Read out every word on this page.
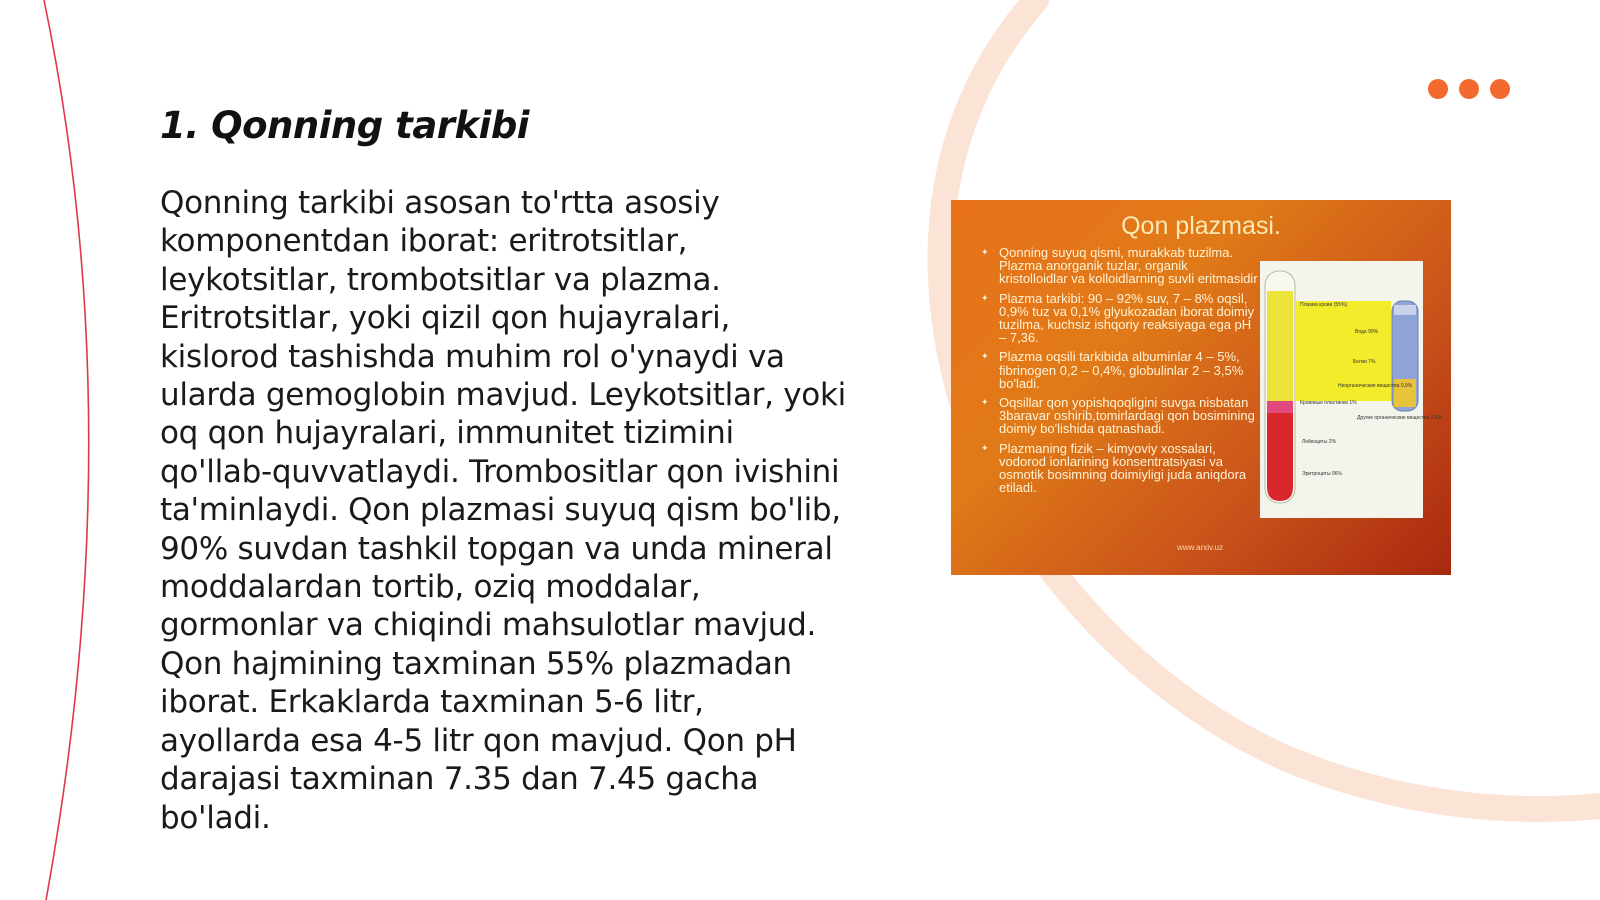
1. Qonning tarkibi
Qonning tarkibi asosan to'rtta asosiy komponentdan iborat: eritrotsitlar, leykotsitlar, trombotsitlar va plazma. Eritrotsitlar, yoki qizil qon hujayralari, kislorod tashishda muhim rol o'ynaydi va ularda gemoglobin mavjud. Leykotsitlar, yoki oq qon hujayralari, immunitet tizimini qo'llab-quvvatlaydi. Trombositlar qon ivishini ta'minlaydi. Qon plazmasi suyuq qism bo'lib, 90% suvdan tashkil topgan va unda mineral moddalardan tortib, oziq moddalar, gormonlar va chiqindi mahsulotlar mavjud. Qon hajmining taxminan 55% plazmadan iborat. Erkaklarda taxminan 5-6 litr, ayollarda esa 4-5 litr qon mavjud. Qon pH darajasi taxminan 7.35 dan 7.45 gacha bo'ladi.
Qon plazmasi.
✦ Qonning suyuq qismi, murakkab tuzilma. Plazma anorganik tuzlar, organik kristolloidlar va kolloidlarning suvli eritmasidir
✦ Plazma tarkibi: 90 – 92% suv, 7 – 8% oqsil, 0,9% tuz va 0,1% glyukozadan iborat doimiy tuzilma, kuchsiz ishqoriy reaksiyaga ega pH – 7,36.
✦ Plazma oqsili tarkibida albuminlar 4 – 5%, fibrinogen 0,2 – 0,4%, globulinlar 2 – 3,5% bo'ladi.
✦ Oqsillar qon yopishqoqligini suvga nisbatan 3baravar oshirib,tomirlardagi qon bosimining doimiy bo'lishida qatnashadi.
✦ Plazmaning fizik – kimyoviy xossalari, vodorod ionlarining konsentratsiyasi va osmotik bosimning doimiyligi juda aniqdora etiladi.
Плазма крови (55%)
Вода 90%
Белки 7%
Неорганические вещества 0,9%
Кровяные пластинки 1%
Другие органические вещества 2,1%
Лейкоциты 2%
Эритроциты 96%
www.arxiv.uz
